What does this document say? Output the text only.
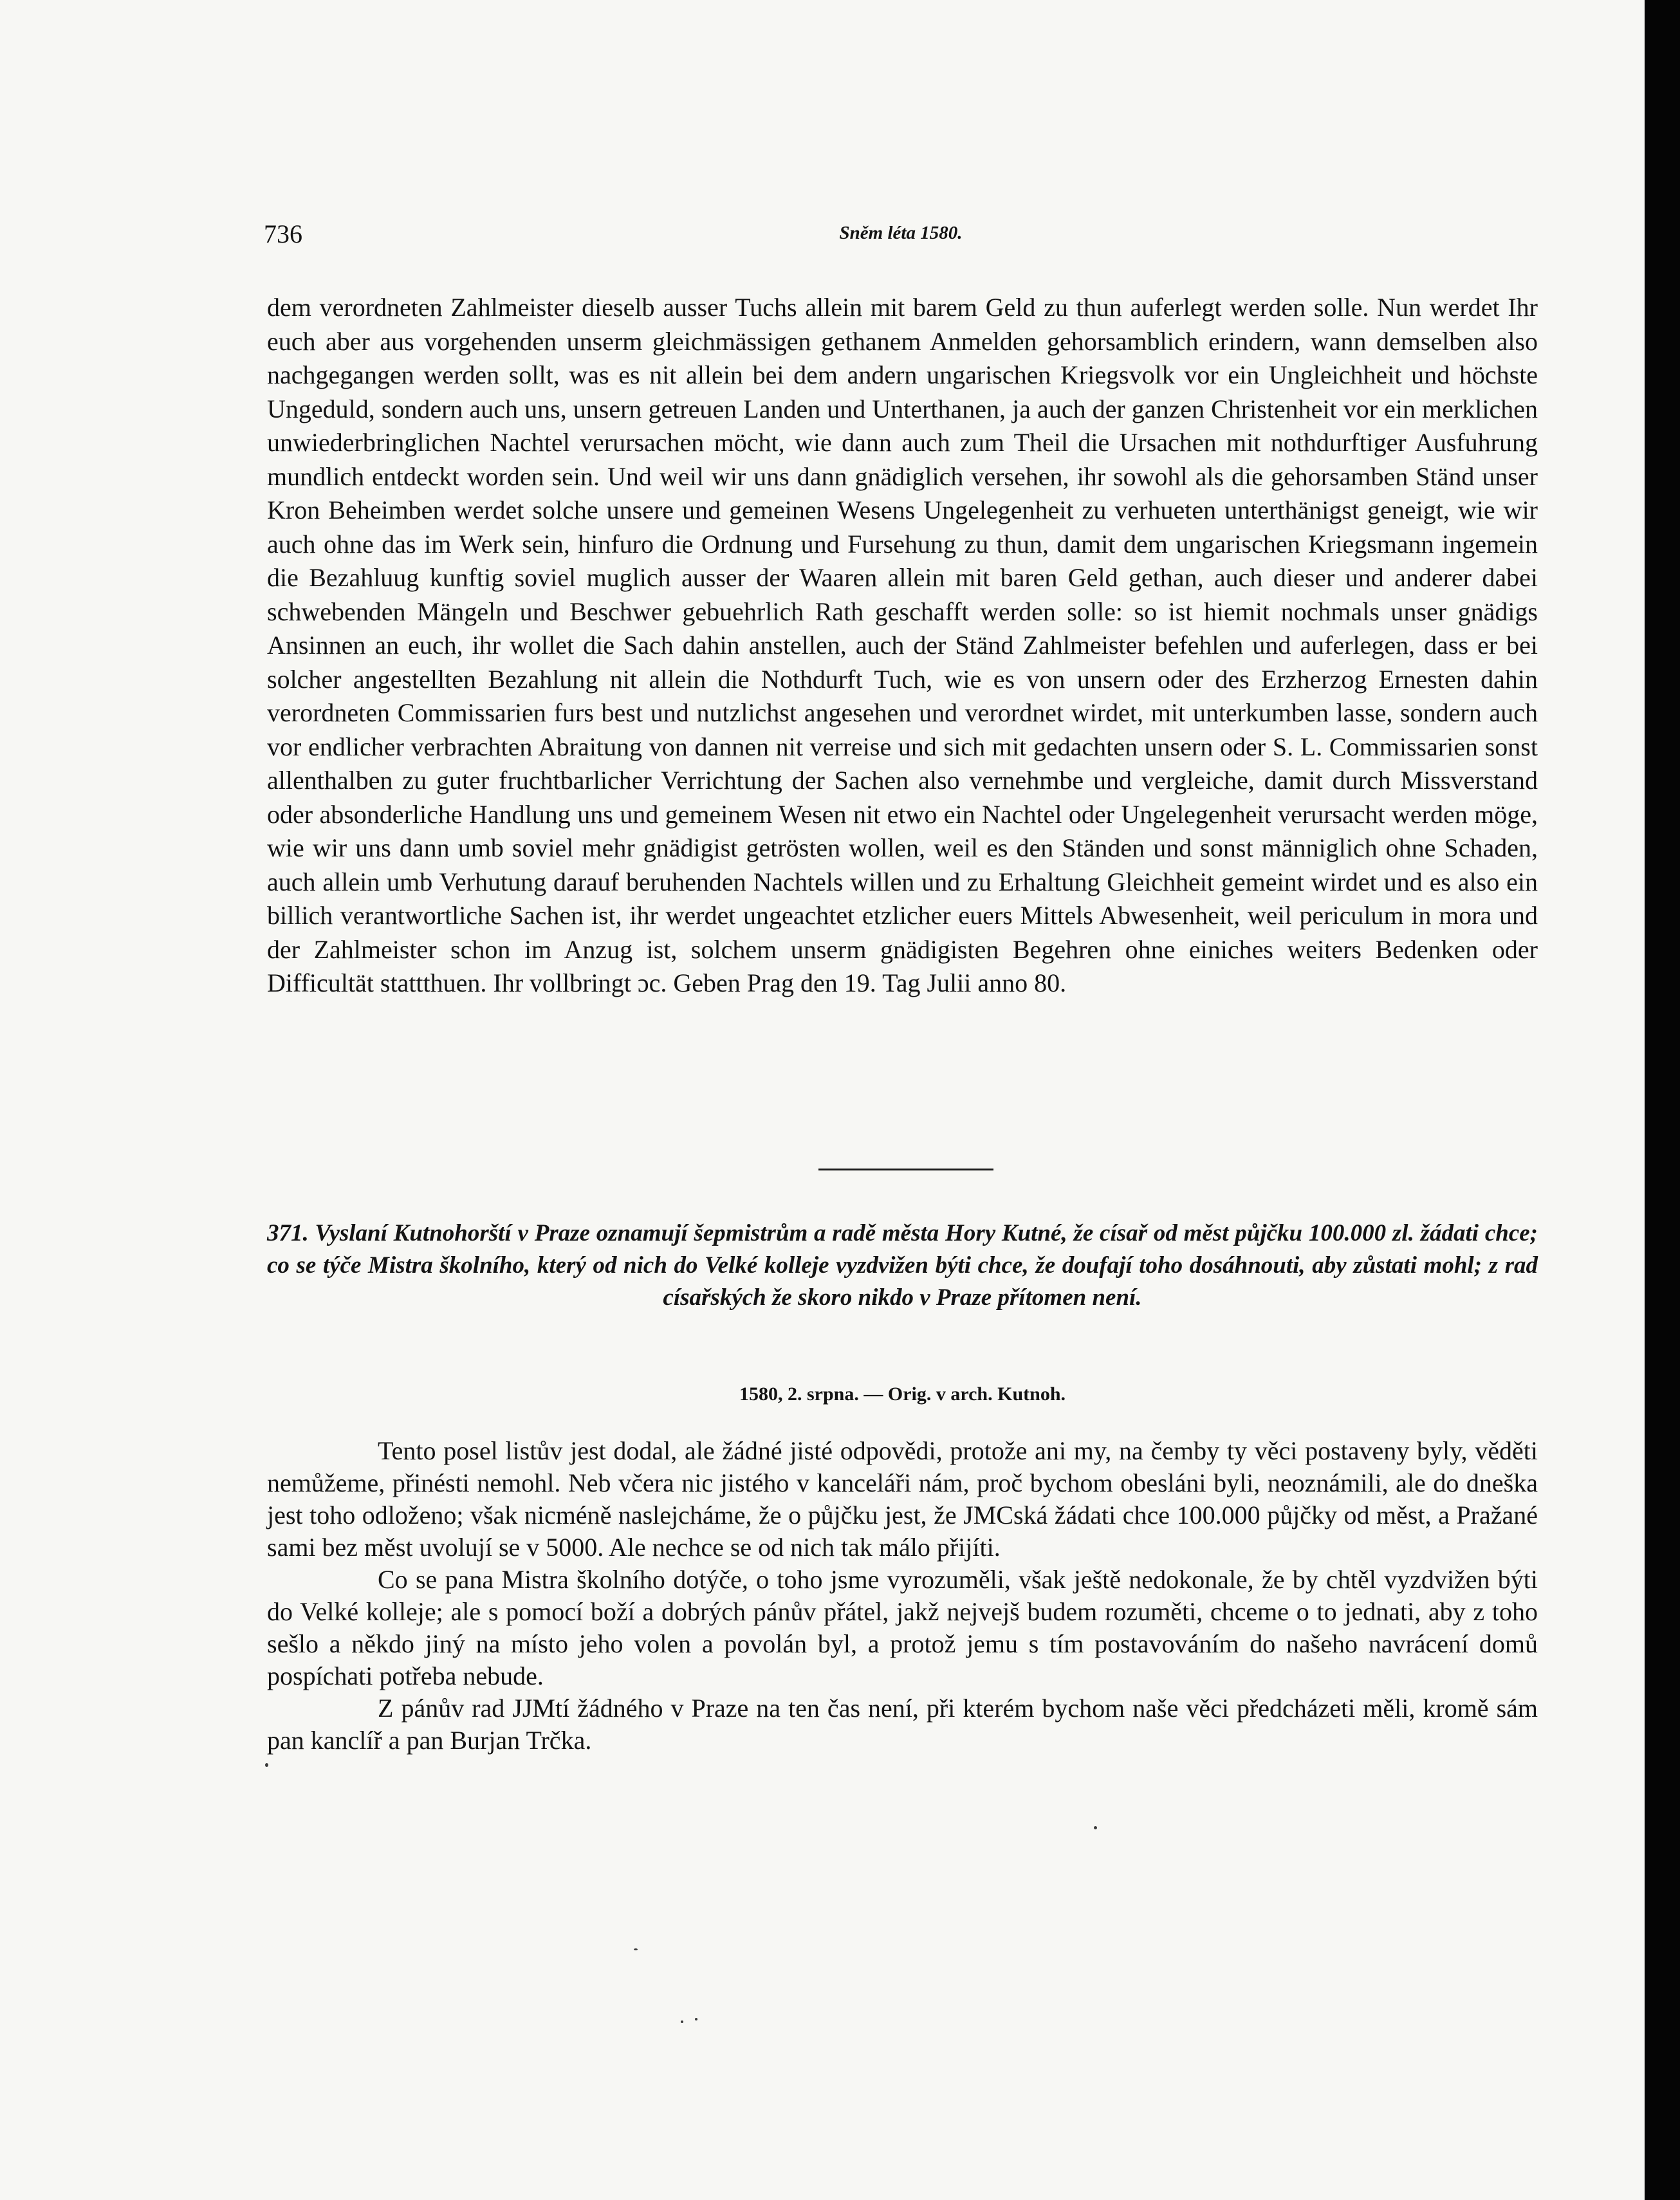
736	Sněm léta 1580.

dem verordneten Zahlmeister dieselb ausser Tuchs allein mit barem Geld zu thun auferlegt werden solle. Nun werdet Ihr euch aber aus vorgehenden unserm gleichmässigen gethanem Anmelden gehorsamblich erindern, wann demselben also nachgegangen werden sollt, was es nit allein bei dem andern ungarischen Kriegsvolk vor ein Ungleichheit und höchste Ungeduld, sondern auch uns, unsern getreuen Landen und Unterthanen, ja auch der ganzen Christenheit vor ein merklichen unwiederbringlichen Nachtel verursachen möcht, wie dann auch zum Theil die Ursachen mit nothdurftiger Ausfuhrung mundlich entdeckt worden sein. Und weil wir uns dann gnädiglich versehen, ihr sowohl als die gehorsamben Ständ unser Kron Beheimben werdet solche unsere und gemeinen Wesens Ungelegenheit zu verhueten unterthänigst geneigt, wie wir auch ohne das im Werk sein, hinfuro die Ordnung und Fursehung zu thun, damit dem ungarischen Kriegsmann ingemein die Bezahluug kunftig soviel muglich ausser der Waaren allein mit baren Geld gethan, auch dieser und anderer dabei schwebenden Mängeln und Beschwer gebuehrlich Rath geschafft werden solle: so ist hiemit nochmals unser gnädigs Ansinnen an euch, ihr wollet die Sach dahin anstellen, auch der Ständ Zahlmeister befehlen und auferlegen, dass er bei solcher angestellten Bezahlung nit allein die Nothdurft Tuch, wie es von unsern oder des Erzherzog Ernesten dahin verordneten Commissarien furs best und nutzlichst angesehen und verordnet wirdet, mit unterkumben lasse, sondern auch vor endlicher verbrachten Abraitung von dannen nit verreise und sich mit gedachten unsern oder S. L. Commissarien sonst allenthalben zu guter fruchtbarlicher Verrichtung der Sachen also vernehmbe und vergleiche, damit durch Missverstand oder absonderliche Handlung uns und gemeinem Wesen nit etwo ein Nachtel oder Ungelegenheit verursacht werden möge, wie wir uns dann umb soviel mehr gnädigist getrösten wollen, weil es den Ständen und sonst männiglich ohne Schaden, auch allein umb Verhutung darauf beruhenden Nachtels willen und zu Erhaltung Gleichheit gemeint wirdet und es also ein billich verantwortliche Sachen ist, ihr werdet ungeachtet etzlicher euers Mittels Abwesenheit, weil periculum in mora und der Zahlmeister schon im Anzug ist, solchem unserm gnädigisten Begehren ohne einiches weiters Bedenken oder Difficultät stattthuen. Ihr vollbringt ɔc. Geben Prag den 19. Tag Julii anno 80.

371. Vyslaní Kutnohorští v Praze oznamují šepmistrům a radě města Hory Kutné, že císař od měst půjčku 100.000 zl. žádati chce; co se týče Mistra školního, který od nich do Velké kolleje vyzdvižen býti chce, že doufají toho dosáhnouti, aby zůstati mohl; z rad císařských že skoro nikdo v Praze přítomen není.
1580, 2. srpna. — Orig. v arch. Kutnoh.

Tento posel listův jest dodal, ale žádné jisté odpovědi, protože ani my, na čemby ty věci postaveny byly, věděti nemůžeme, přinésti nemohl. Neb včera nic jistého v kanceláři nám, proč bychom obesláni byli, neoznámili, ale do dneška jest toho odloženo; však nicméně naslejcháme, že o půjčku jest, že JMCská žádati chce 100.000 půjčky od měst, a Pražané sami bez měst uvolují se v 5000. Ale nechce se od nich tak málo přijíti.

Co se pana Mistra školního dotýče, o toho jsme vyrozuměli, však ještě nedokonale, že by chtěl vyzdvižen býti do Velké kolleje; ale s pomocí boží a dobrých pánův přátel, jakž nejvejš budem rozuměti, chceme o to jednati, aby z toho sešlo a někdo jiný na místo jeho volen a povolán byl, a protož jemu s tím postavováním do našeho navrácení domů pospíchati potřeba nebude.

Z pánův rad JJMtí žádného v Praze na ten čas není, při kterém bychom naše věci předcházeti měli, kromě sám pan kanclíř a pan Burjan Trčka.
